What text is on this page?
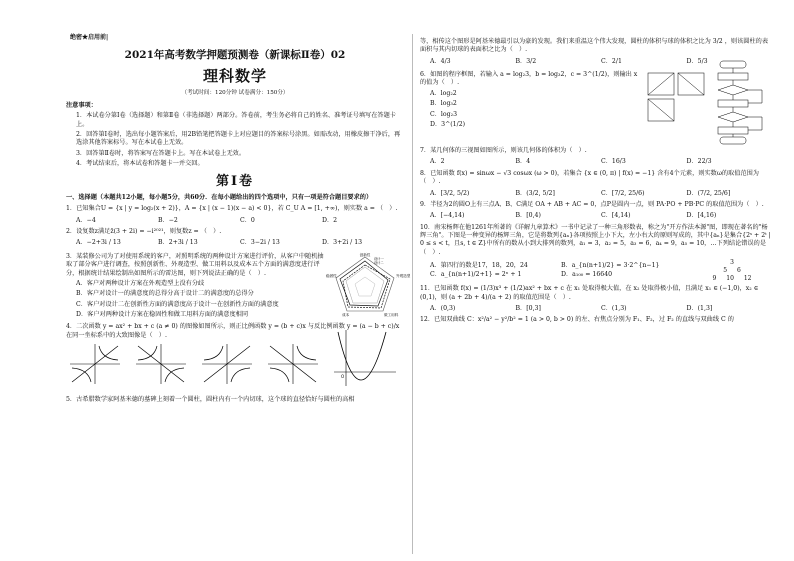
绝密★启用前|
2021年高考数学押题预测卷（新课标Ⅱ卷）02
理科数学
（考试时间：120分钟 试卷满分：150分）
注意事项：

1．本试卷分第Ⅰ卷（选择题）和第Ⅱ卷（非选择题）两部分。答卷前，考生务必将自己的姓名、准考证号填写在答题卡上。

2．回答第Ⅰ卷时，选出每小题答案后，用2B铅笔把答题卡上对应题目的答案标号涂黑。如需改动，用橡皮擦干净后，再选涂其他答案标号。写在本试卷上无效。

3．回答第Ⅱ卷时，将答案写在答题卡上。写在本试卷上无效。

4．考试结束后，将本试卷和答题卡一并交回。

第Ⅰ卷
一、选择题（本题共12小题，每小题5分，共60分．在每小题给出的四个选项中，只有一项是符合题目要求的）
1．已知集合U = {x | y = log₂(x + 2)}，A = {x | (x − 1)(x − a) < 0}，若 C_U A = [1, +∞)，则实数 a = （　）.
A．−4	B．−2	C．0	D．2
2．设复数z满足z̄(3 + 2i) = −i²⁰²¹，则复数z = （　）.
A．−2+3i / 13	B．2+3i / 13	C．3−2i / 13	D．3+2i / 13
3．某装修公司为了对使用系统的客户，对照明系统的两种设计方案进行评价，从客户中随机抽取了部分客户进行调查，按照创新性、外观造型、做工用料以及成本五个方面的满意度进行评分，根据统计结果绘制出如图所示的雷达图，则下列说法正确的是（　）.
A．客户对两种设计方案在外观造型上没有分歧
B．客户对设计一的满意度的总得分高于设计二的满意度的总得分
C．客户对设计二在创新性方面的满意度高于设计一在创新性方面的满意度
D．客户对两种设计方案在稳固性和做工用料方面的满意度相同
创新性
外观造型
做工用料
成本
稳固性
设计一
设计二
4．二次函数 y = ax² + bx + c (a ≠ 0) 的图像如图所示，则正比例函数 y = (b + c)x 与反比例函数 y = (a − b + c)/x 在同一坐标系中的大致图像是（　）.

O
5．古希腊数学家阿基米德的墓碑上刻着一个圆柱，圆柱内有一个内切球，这个球的直径恰好与圆柱的高相
等，相传这个图形是阿基米德最引以为豪的发现。我们来重温这个伟大发现，圆柱的体积与球的体积之比为 3/2 ，则该圆柱的表面积与其内切球的表面积之比为（　）.
A．4/3	B．3/2	C．2/1	D．5/3
6．如图的程序框图，若输入 a = log₂3，b = log₃2，c = 3^(1/2)，则输出 x 的值为（　）.
A．log₂2
B．log₃2
C．log₂3
D．3^(1/2)
7．某几何体的三视图如图所示，则该几何体的体积为（　）.
A．2	B．4	C．16/3	D．22/3
8．已知函数 f(x) = sinωx − √3 cosωx (ω > 0)，若集合 {x ∈ (0, π) | f(x) = −1} 含有4个元素，则实数ω的取值范围为（　）.
A．[3/2, 5/2)	B．(3/2, 5/2]	C．[7/2, 25/6)	D．(7/2, 25/6]
9．半径为2的圆O上有三点A、B、C满足 OA + AB + AC = 0，点P是圆内一点，则 PA·PO + PB·PC 的取值范围为（　）.
A．[−4,14)	B．[0,4)	C．[4,14)	D．[4,16)
10．南宋杨辉在他1261年所著的《详解九章算术》一书中记录了一种三角形数表，称之为"开方作法本源"图，即现在著名的"杨辉三角"。下图是一种变异的杨辉三角，它是将数列{aₙ}各项按照上小下大，左小右大的原则写成的，其中{aₙ}是集合{2ˢ + 2ᵗ | 0 ≤ s < t，且s, t ∈ Z}中所有的数从小到大排列的数列，a₁ = 3，a₂ = 5，a₃ = 6，a₄ = 9，a₅ = 10，…下列结论错误的是（　）.
A．第四行的数是17，18，20，24	B．a_{n(n+1)/2} = 3·2^{n−1}
C．a_{n(n+1)/2+1} = 2ⁿ + 1	D．a₁₀₀ = 16640
3
5 6
9 10 12
11．已知函数 f(x) = (1/3)x³ + (1/2)ax² + bx + c 在 x₁ 处取得极大值，在 x₂ 处取得极小值，且满足 x₁ ∈ (−1,0)，x₂ ∈ (0,1)，则 (a + 2b + 4)/(a + 2) 的取值范围是（　）.
A．(0,3)	B．[0,3]	C．(1,3)	D．(1,3]
12．已知双曲线 C：x²/a² − y²/b² = 1 (a > 0, b > 0) 的左、右焦点分别为 F₁、F₂，过 F₂ 的直线与双曲线 C 的
